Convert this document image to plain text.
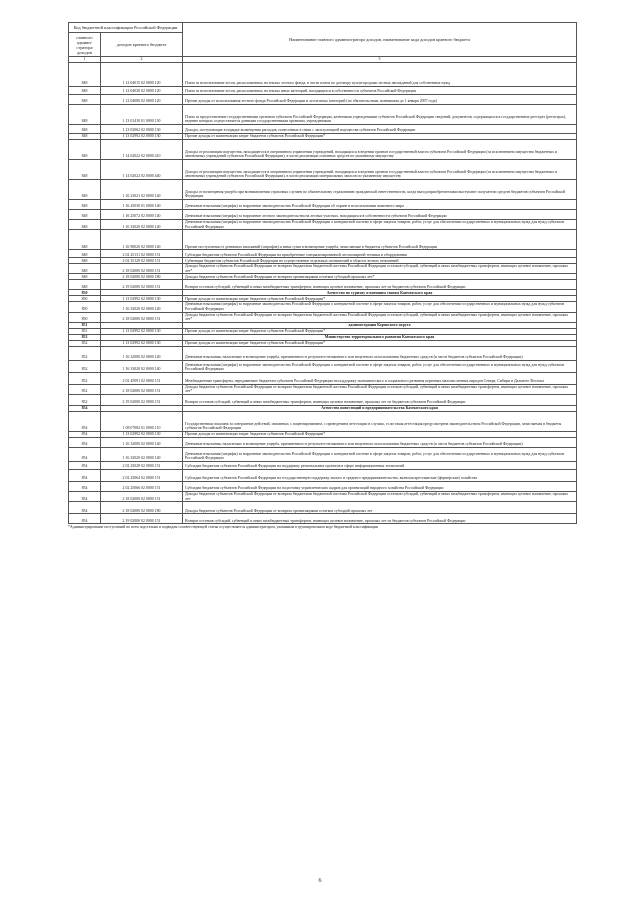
Код бюджетной классификации Российской Федерации		Наименование главного администратора доходов, наименование кода доходов краевого бюджета
главного админи-стратора доходов	доходов краевого бюджета	
1	2	3
848	1 12 04015 02 0000 120	Плата за использование лесов, расположенных на землях лесного фонда, в части платы по договору купли-продажи лесных насаждений для собственных нужд
848	1 12 04030 02 0000 120	Плата за использование лесов, расположенных на землях иных категорий, находящихся в собственности субъектов Российской Федерации
848	1 12 04080 02 0000 120	Прочие доходы от использования лесного фонда Российской Федерации и лесов иных категорий (по обязательствам, возникшим до 1 января 2007 года)
848	1 13 01410 01 0000 130	Плата за предоставление государственными органами субъектов Российской Федерации, казенными учреждениями субъектов Российской Федерации сведений, документов, содержащихся в государственных реестрах (регистрах), ведение которых осуществляется данными государственными органами, учреждениями
848	1 13 02062 02 0000 130	Доходы, поступающие в порядке возмещения расходов, понесенных в связи с эксплуатацией имущества субъектов Российской Федерации
848	1 13 02992 02 0000 130	Прочие доходы от компенсации затрат бюджетов субъектов Российской Федерации*
848	1 14 02022 02 0000 410	Доходы от реализации имущества, находящегося в оперативном управлении учреждений, находящихся в ведении органов государственной власти субъектов Российской Федерации (за исключением имущества бюджетных и автономных учреждений субъектов Российской Федерации), в части реализации основных средств по указанному имуществу
848	1 14 02022 02 0000 440	Доходы от реализации имущества, находящегося в оперативном управлении учреждений, находящихся в ведении органов государственной власти субъектов Российской Федерации (за исключением имущества бюджетных и автономных учреждений субъектов Российской Федерации), в части реализации материальных запасов по указанному имуществу
848	1 16 23021 02 0000 140	Доходы от возмещения ущерба при возникновении страховых случаев по обязательному страхованию гражданской ответственности, когда выгодоприобретателями выступают получатели средств бюджетов субъектов Российской Федерации
848	1 16 25030 01 0000 140	Денежные взыскания (штрафы) за нарушение законодательства Российской Федерации об охране и использовании животного мира
848	1 16 25072 02 0000 140	Денежные взыскания (штрафы) за нарушение лесного законодательства на лесных участках, находящихся в собственности субъектов Российской Федерации
848	1 16 33020 02 0000 140	Денежные взыскания (штрафы) за нарушение законодательства Российской Федерации о контрактной системе в сфере закупок товаров, работ, услуг для обеспечения государственных и муниципальных нужд для нужд субъектов Российской Федерации
848	1 16 90020 02 0000 140	Прочие поступления от денежных взысканий (штрафов) и иных сумм в возмещение ущерба, зачисляемые в бюджеты субъектов Российской Федерации
848	2 02 25131 02 0000 151	Субсидии бюджетам субъектов Российской Федерации на приобретение специализированной лесопожарной техники и оборудования
848	2 02 35129 02 0000 151	Субвенции бюджетам субъектов Российской Федерации на осуществление отдельных полномочий в области лесных отношений
848	2 18 02000 02 0000 151	Доходы бюджетов субъектов Российской Федерации от возврата бюджетами бюджетной системы Российской Федерации остатков субсидий, субвенций и иных межбюджетных трансфертов, имеющих целевое назначение, прошлых лет*
848	2 18 02000 02 0000 180	Доходы бюджетов субъектов Российской Федерации от возврата организациями остатков субсидий прошлых лет*
848	2 19 02000 02 0000 151	Возврат остатков субсидий, субвенций и иных межбюджетных трансфертов, имеющих целевое назначение, прошлых лет из бюджетов субъектов Российской Федерации
850		Агентство по туризму и внешним связям Камчатского края
850	1 13 02992 02 0000 130	Прочие доходы от компенсации затрат бюджетов субъектов Российской Федерации*
850	1 16 33020 02 0000 140	Денежные взыскания (штрафы) за нарушение законодательства Российской Федерации о контрактной системе в сфере закупок товаров, работ, услуг для обеспечения государственных и муниципальных нужд для нужд субъектов Российской Федерации
850	2 18 02000 02 0000 151	Доходы бюджетов субъектов Российской Федерации от возврата бюджетами бюджетной системы Российской Федерации остатков субсидий, субвенций и иных межбюджетных трансфертов, имеющих целевое назначение, прошлых лет*
851		администрация Корякского округа
851	1 13 02992 02 0000 130	Прочие доходы от компенсации затрат бюджетов субъектов Российской Федерации*
852		Министерство территориального развития Камчатского края
852	1 13 02992 02 0000 130	Прочие доходы от компенсации затрат бюджетов субъектов Российской Федерации*
852	1 16 32000 02 0000 140	Денежные взыскания, налагаемые в возмещение ущерба, причиненного в результате незаконного или нецелевого использования бюджетных средств (в части бюджетов субъектов Российской Федерации)
852	1 16 33020 02 0000 140	Денежные взыскания (штрафы) за нарушение законодательства Российской Федерации о контрактной системе в сфере закупок товаров, работ, услуг для обеспечения государственных и муниципальных нужд для нужд субъектов Российской Федерации
852	2 02 45091 02 0000 151	Межбюджетные трансферты, передаваемые бюджетам субъектов Российской Федерации на поддержку экономического и социального развития коренных малочисленных народов Севера, Сибири и Дальнего Востока
852	2 18 02000 02 0000 151	Доходы бюджетов субъектов Российской Федерации от возврата бюджетами бюджетной системы Российской Федерации остатков субсидий, субвенций и иных межбюджетных трансфертов, имеющих целевое назначение, прошлых лет*
852	2 19 02000 02 0000 151	Возврат остатков субсидий, субвенций и иных межбюджетных трансфертов, имеющих целевое назначение, прошлых лет из бюджетов субъектов Российской Федерации
854		Агентство инвестиций и предпринимательства Камчатского края
854	1 08 07082 01 0000 110	Государственная пошлина за совершение действий, связанных с лицензированием, с проведением аттестации в случаях, если такая аттестация предусмотрена законодательством Российской Федерации, зачисляемая в бюджеты субъектов Российской Федерации
854	1 13 02992 02 0000 130	Прочие доходы от компенсации затрат бюджетов субъектов Российской Федерации*
854	1 16 32000 02 0000 140	Денежные взыскания, налагаемые в возмещение ущерба, причиненного в результате незаконного или нецелевого использования бюджетных средств (в части бюджетов субъектов Российской Федерации)
854	1 16 33020 02 0000 140	Денежные взыскания (штрафы) за нарушение законодательства Российской Федерации о контрактной системе в сфере закупок товаров, работ, услуг для обеспечения государственных и муниципальных нужд для нужд субъектов Российской Федерации
854	2 02 25028 02 0000 151	Субсидии бюджетам субъектов Российской Федерации на поддержку региональных проектов в сфере информационных технологий
854	2 02 25064 02 0000 151	Субсидии бюджетам субъектов Российской Федерации на государственную поддержку малого и среднего предпринимательства, включая крестьянские (фермерские) хозяйства
854	2 02 25066 02 0000 151	Субсидии бюджетам субъектов Российской Федерации на подготовку управленческих кадров для организаций народного хозяйства Российской Федерации
854	2 18 02000 02 0000 151	Доходы бюджетов субъектов Российской Федерации от возврата бюджетами бюджетной системы Российской Федерации остатков субсидий, субвенций и иных межбюджетных трансфертов, имеющих целевое назначение, прошлых лет
854	2 18 02000 02 0000 180	Доходы бюджетов субъектов Российской Федерации от возврата организациями остатков субсидий прошлых лет
854	2 19 02000 02 0000 151	Возврат остатков субсидий, субвенций и иных межбюджетных трансфертов, имеющих целевое назначение, прошлых лет из бюджетов субъектов Российской Федерации
*Администрирование поступлений по всем подстатьям и подвидам соответствующей статьи осуществляется администратором, указанным в группировочном коде бюджетной классификации
6
